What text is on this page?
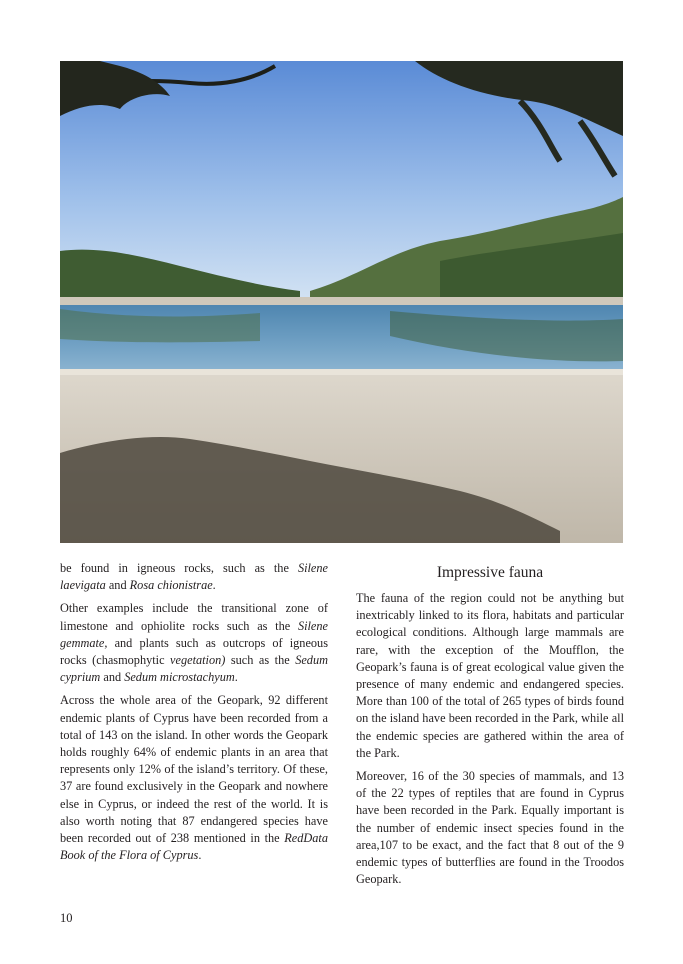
be found in igneous rocks, such as the Silene laevigata and Rosa chionistrae.

Other examples include the transitional zone of limestone and ophiolite rocks such as the Silene gemmate, and plants such as outcrops of igneous rocks (chasmophytic vegetation) such as the Sedum cyprium and Sedum microstachyum.

Across the whole area of the Geopark, 92 different endemic plants of Cyprus have been recorded from a total of 143 on the island. In other words the Geopark holds roughly 64% of endemic plants in an area that represents only 12% of the island’s territory. Of these, 37 are found exclusively in the Geopark and nowhere else in Cyprus, or indeed the rest of the world. It is also worth noting that 87 endangered species have been recorded out of 238 mentioned in the RedData Book of the Flora of Cyprus.

Impressive fauna

The fauna of the region could not be anything but inextricably linked to its flora, habitats and particular ecological conditions. Although large mammals are rare, with the exception of the Moufflon, the Geopark’s fauna is of great ecological value given the presence of many endemic and endangered species. More than 100 of the total of 265 types of birds found on the island have been recorded in the Park, while all the endemic species are gathered within the area of the Park.

Moreover, 16 of the 30 species of mammals, and 13 of the 22 types of reptiles that are found in Cyprus have been recorded in the Park. Equally important is the number of endemic insect species found in the area,107 to be exact, and the fact that 8 out of the 9 endemic types of butterflies are found in the Troodos Geopark.

10
